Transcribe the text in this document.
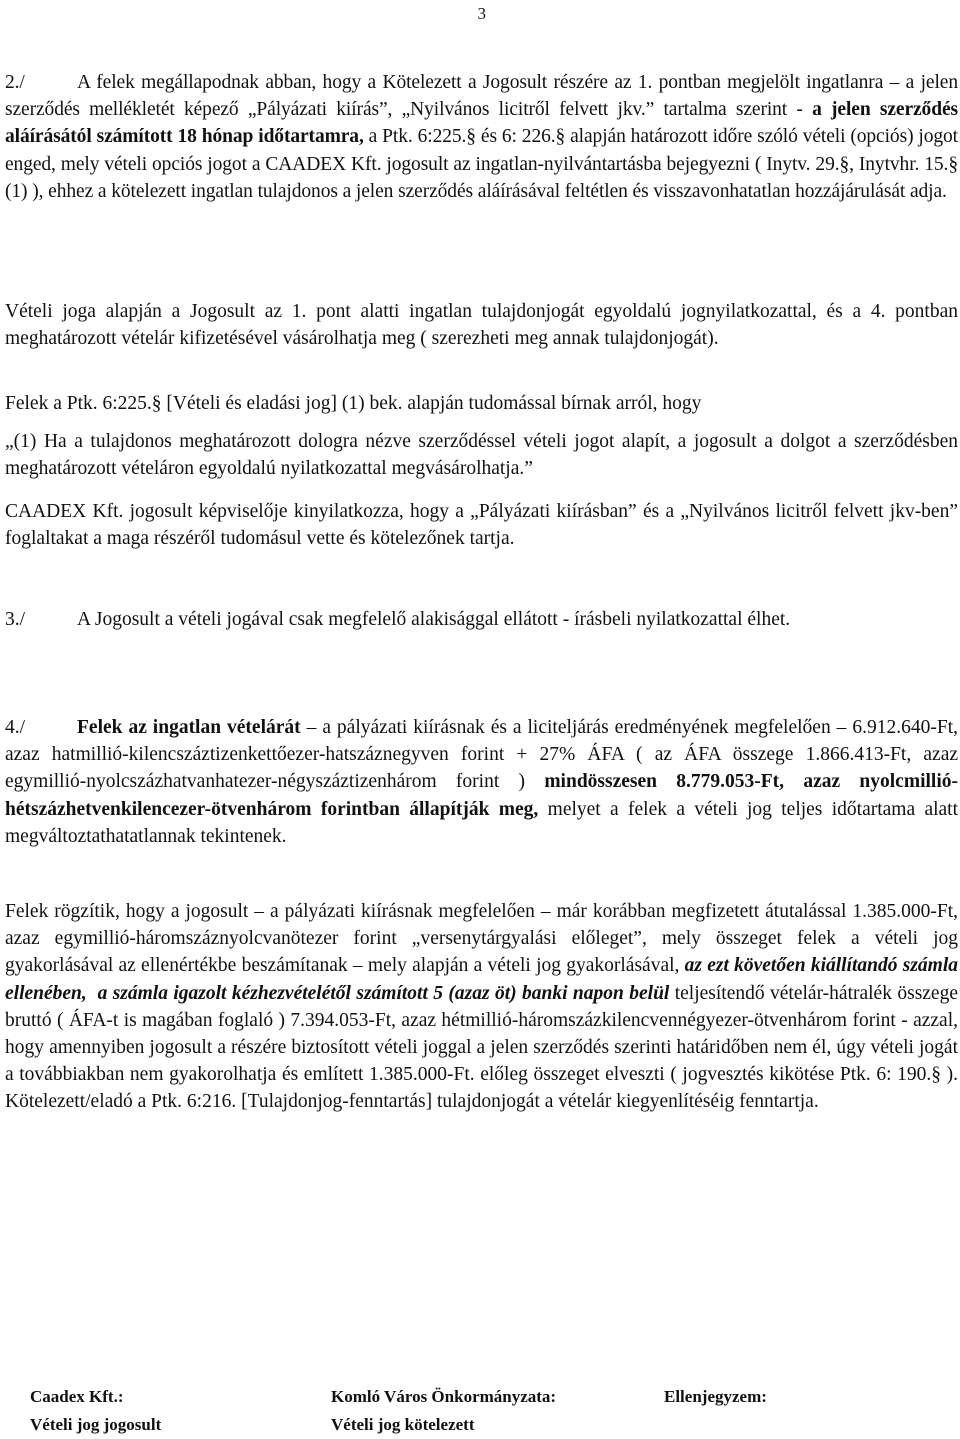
3

2./	A felek megállapodnak abban, hogy a Kötelezett a Jogosult részére az 1. pontban megjelölt ingatlanra – a jelen szerződés mellékletét képező „Pályázati kiírás”, „Nyilvános licitről felvett jkv.” tartalma szerint - a jelen szerződés aláírásától számított 18 hónap időtartamra, a Ptk. 6:225.§ és 6: 226.§ alapján határozott időre szóló vételi (opciós) jogot enged, mely vételi opciós jogot a CAADEX Kft. jogosult az ingatlan-nyilvántartásba bejegyezni ( Inytv. 29.§, Inytvhr. 15.§ (1) ), ehhez a kötelezett ingatlan tulajdonos a jelen szerződés aláírásával feltétlen és visszavonhatatlan hozzájárulását adja.

Vételi joga alapján a Jogosult az 1. pont alatti ingatlan tulajdonjogát egyoldalú jognyilatkozattal, és a 4. pontban meghatározott vételár kifizetésével vásárolhatja meg ( szerezheti meg annak tulajdonjogát).

Felek a Ptk. 6:225.§ [Vételi és eladási jog] (1) bek. alapján tudomással bírnak arról, hogy

„(1) Ha a tulajdonos meghatározott dologra nézve szerződéssel vételi jogot alapít, a jogosult a dolgot a szerződésben meghatározott vételáron egyoldalú nyilatkozattal megvásárolhatja.”

CAADEX Kft. jogosult képviselője kinyilatkozza, hogy a „Pályázati kiírásban” és a „Nyilvános licitről felvett jkv-ben” foglaltakat a maga részéről tudomásul vette és kötelezőnek tartja.

3./	A Jogosult a vételi jogával csak megfelelő alakisággal ellátott - írásbeli nyilatkozattal élhet.

4./	Felek az ingatlan vételárát – a pályázati kiírásnak és a liciteljárás eredményének megfelelően – 6.912.640-Ft, azaz hatmillió-kilencszáztizenkettőezer-hatszáznegyven forint + 27% ÁFA ( az ÁFA összege 1.866.413-Ft, azaz egymillió-nyolcszázhatvanhatezer-négyszáztizenhárom forint ) mindösszesen 8.779.053-Ft, azaz nyolcmillió-hétszázhetvenkilencezer-ötvenhárom forintban állapítják meg, melyet a felek a vételi jog teljes időtartama alatt megváltoztathatatlannak tekintenek.

Felek rögzítik, hogy a jogosult – a pályázati kiírásnak megfelelően – már korábban megfizetett átutalással 1.385.000-Ft, azaz egymillió-háromszáznyolcvanötezer forint „versenytárgyalási előleget”, mely összeget felek a vételi jog gyakorlásával az ellenértékbe beszámítanak – mely alapján a vételi jog gyakorlásával, az ezt követően kiállítandó számla ellenében, a számla igazolt kézhezvételétől számított 5 (azaz öt) banki napon belül teljesítendő vételár-hátralék összege bruttó ( ÁFA-t is magában foglaló ) 7.394.053-Ft, azaz hétmillió-háromszázkilencvennégyezer-ötvenhárom forint - azzal, hogy amennyiben jogosult a részére biztosított vételi joggal a jelen szerződés szerinti határidőben nem él, úgy vételi jogát a továbbiakban nem gyakorolhatja és említett 1.385.000-Ft. előleg összeget elveszti ( jogvesztés kikötése Ptk. 6: 190.§ ). Kötelezett/eladó a Ptk. 6:216. [Tulajdonjog-fenntartás] tulajdonjogát a vételár kiegyenlítéséig fenntartja.

Caadex Kft.:
Vételi jog jogosult
Komló Város Önkormányzata:
Vételi jog kötelezett
Ellenjegyzem:
